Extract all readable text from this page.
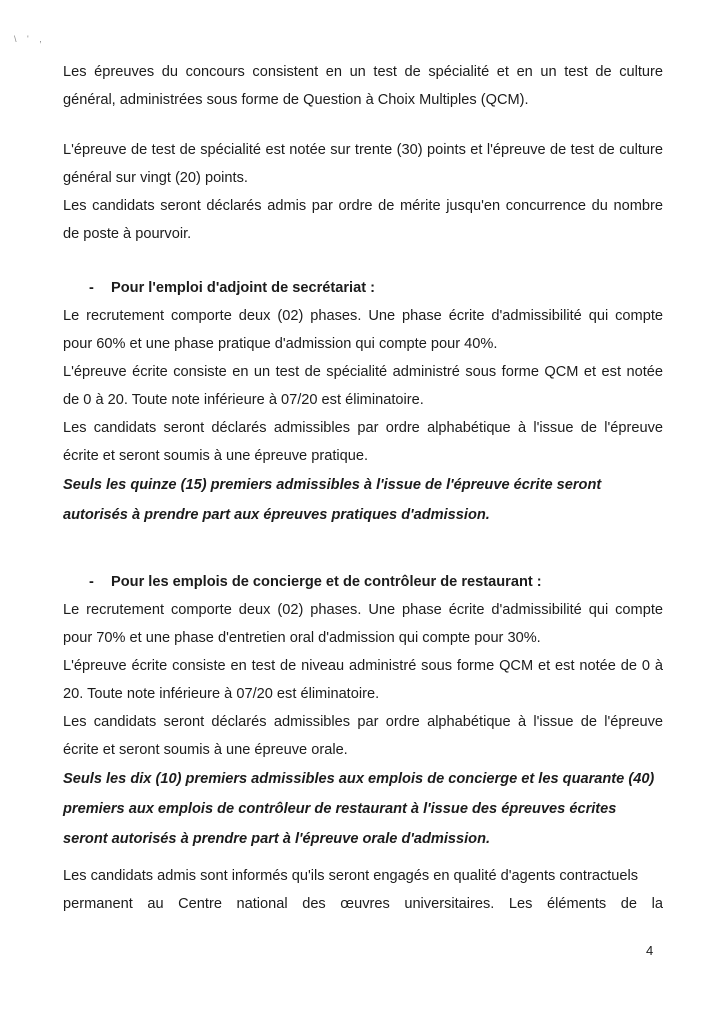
\ ' ,

Les épreuves du concours consistent en un test de spécialité et en un test de culture général, administrées sous forme de Question à Choix Multiples (QCM).

L'épreuve de test de spécialité est notée sur trente (30) points et l'épreuve de test de culture général sur vingt (20) points.

Les candidats seront déclarés admis par ordre de mérite jusqu'en concurrence du nombre de poste à pourvoir.

- Pour l'emploi d'adjoint de secrétariat :

Le recrutement comporte deux (02) phases. Une phase écrite d'admissibilité qui compte pour 60% et une phase pratique d'admission qui compte pour 40%.

L'épreuve écrite consiste en un test de spécialité administré sous forme QCM et est notée de 0 à 20. Toute note inférieure à 07/20 est éliminatoire.

Les candidats seront déclarés admissibles par ordre alphabétique à l'issue de l'épreuve écrite et seront soumis à une épreuve pratique.

Seuls les quinze (15) premiers admissibles à l'issue de l'épreuve écrite seront autorisés à prendre part aux épreuves pratiques d'admission.

- Pour les emplois de concierge et de contrôleur de restaurant :

Le recrutement comporte deux (02) phases. Une phase écrite d'admissibilité qui compte pour 70% et une phase d'entretien oral d'admission qui compte pour 30%.

L'épreuve écrite consiste en test de niveau administré sous forme QCM et est notée de 0 à 20. Toute note inférieure à 07/20 est éliminatoire.

Les candidats seront déclarés admissibles par ordre alphabétique à l'issue de l'épreuve écrite et seront soumis à une épreuve orale.

Seuls les dix (10) premiers admissibles aux emplois de concierge et les quarante (40) premiers aux emplois de contrôleur de restaurant à l'issue des épreuves écrites seront autorisés à prendre part à l'épreuve orale d'admission.

Les candidats admis sont informés qu'ils seront engagés en qualité d'agents contractuels

permanent au Centre national des œuvres universitaires. Les éléments de la
4
